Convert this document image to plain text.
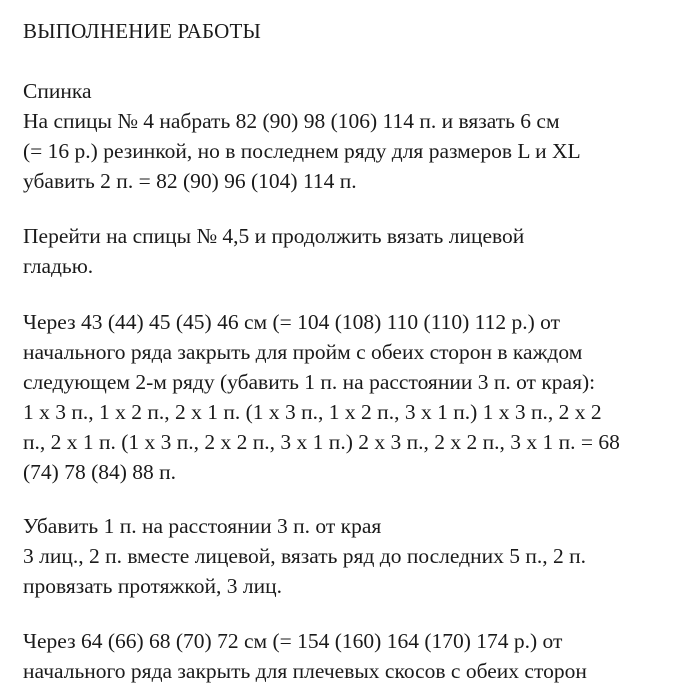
ВЫПОЛНЕНИЕ РАБОТЫ
Спинка
На спицы № 4 набрать 82 (90) 98 (106) 114 п. и вязать 6 см
(= 16 р.) резинкой, но в последнем ряду для размеров L и XL
убавить 2 п. = 82 (90) 96 (104) 114 п.
Перейти на спицы № 4,5 и продолжить вязать лицевой
гладью.
Через 43 (44) 45 (45) 46 см (= 104 (108) 110 (110) 112 р.) от
начального ряда закрыть для пройм с обеих сторон в каждом
следующем 2-м ряду (убавить 1 п. на расстоянии 3 п. от края):
1 x 3 п., 1 x 2 п., 2 x 1 п. (1 x 3 п., 1 x 2 п., 3 x 1 п.) 1 x 3 п., 2 x 2
п., 2 x 1 п. (1 x 3 п., 2 x 2 п., 3 x 1 п.) 2 x 3 п., 2 x 2 п., 3 x 1 п. = 68
(74) 78 (84) 88 п.
Убавить 1 п. на расстоянии 3 п. от края
3 лиц., 2 п. вместе лицевой, вязать ряд до последних 5 п., 2 п.
провязать протяжкой, 3 лиц.
Через 64 (66) 68 (70) 72 см (= 154 (160) 164 (170) 174 р.) от
начального ряда закрыть для плечевых скосов с обеих сторон
